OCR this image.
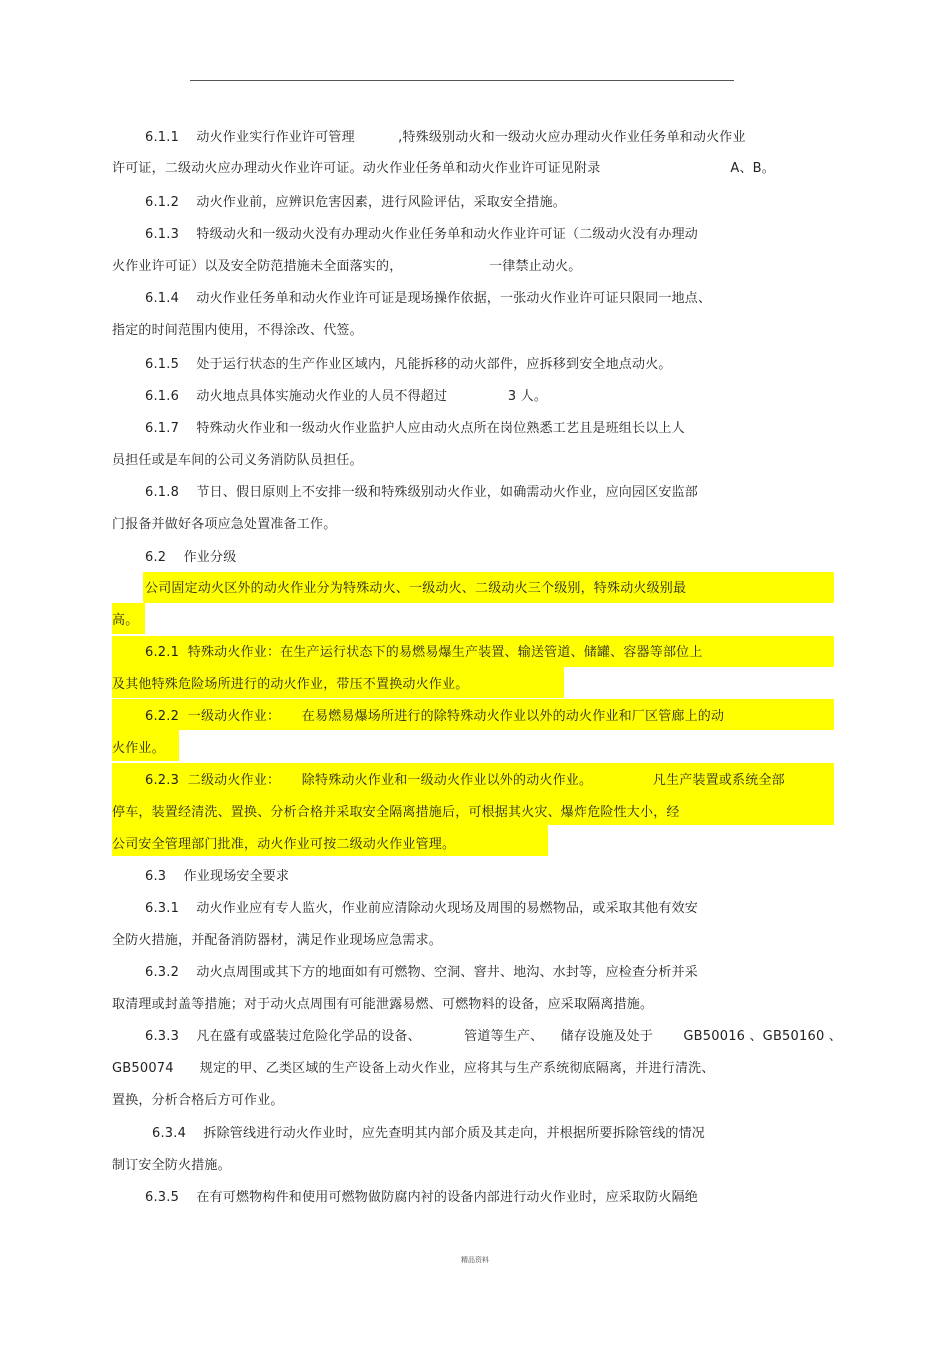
6.1.1    动火作业实行作业许可管理          ,特殊级别动火和一级动火应办理动火作业任务单和动火作业
许可证，二级动火应办理动火作业许可证。动火作业任务单和动火作业许可证见附录                              A、B。
6.1.2    动火作业前，应辨识危害因素，进行风险评估，采取安全措施。
6.1.3    特级动火和一级动火没有办理动火作业任务单和动火作业许可证（二级动火没有办理动
火作业许可证）以及安全防范措施未全面落实的，                    一律禁止动火。
6.1.4    动火作业任务单和动火作业许可证是现场操作依据，一张动火作业许可证只限同一地点、
指定的时间范围内使用，不得涂改、代签。
6.1.5    处于运行状态的生产作业区域内，凡能拆移的动火部件，应拆移到安全地点动火。
6.1.6    动火地点具体实施动火作业的人员不得超过              3 人。
6.1.7    特殊动火作业和一级动火作业监护人应由动火点所在岗位熟悉工艺且是班组长以上人
员担任或是车间的公司义务消防队员担任。
6.1.8    节日、假日原则上不安排一级和特殊级别动火作业，如确需动火作业，应向园区安监部
门报备并做好各项应急处置准备工作。
6.2    作业分级
公司固定动火区外的动火作业分为特殊动火、一级动火、二级动火三个级别，特殊动火级别最
高。
6.2.1  特殊动火作业：在生产运行状态下的易燃易爆生产装置、输送管道、储罐、容器等部位上
及其他特殊危险场所进行的动火作业，带压不置换动火作业。
6.2.2  一级动火作业：     在易燃易爆场所进行的除特殊动火作业以外的动火作业和厂区管廊上的动
火作业。
6.2.3  二级动火作业：     除特殊动火作业和一级动火作业以外的动火作业。              凡生产装置或系统全部
停车，装置经清洗、置换、分析合格并采取安全隔离措施后，可根据其火灾、爆炸危险性大小，经
公司安全管理部门批准，动火作业可按二级动火作业管理。
6.3    作业现场安全要求
6.3.1    动火作业应有专人监火，作业前应清除动火现场及周围的易燃物品，或采取其他有效安
全防火措施，并配备消防器材，满足作业现场应急需求。
6.3.2    动火点周围或其下方的地面如有可燃物、空洞、窨井、地沟、水封等，应检查分析并采
取清理或封盖等措施；对于动火点周围有可能泄露易燃、可燃物料的设备，应采取隔离措施。
6.3.3    凡在盛有或盛装过危险化学品的设备、          管道等生产、    储存设施及处于       GB50016 、GB50160 、
GB50074      规定的甲、乙类区域的生产设备上动火作业，应将其与生产系统彻底隔离，并进行清洗、
置换，分析合格后方可作业。
6.3.4    拆除管线进行动火作业时，应先查明其内部介质及其走向，并根据所要拆除管线的情况
制订安全防火措施。
6.3.5    在有可燃物构件和使用可燃物做防腐内衬的设备内部进行动火作业时，应采取防火隔绝
精品资料
